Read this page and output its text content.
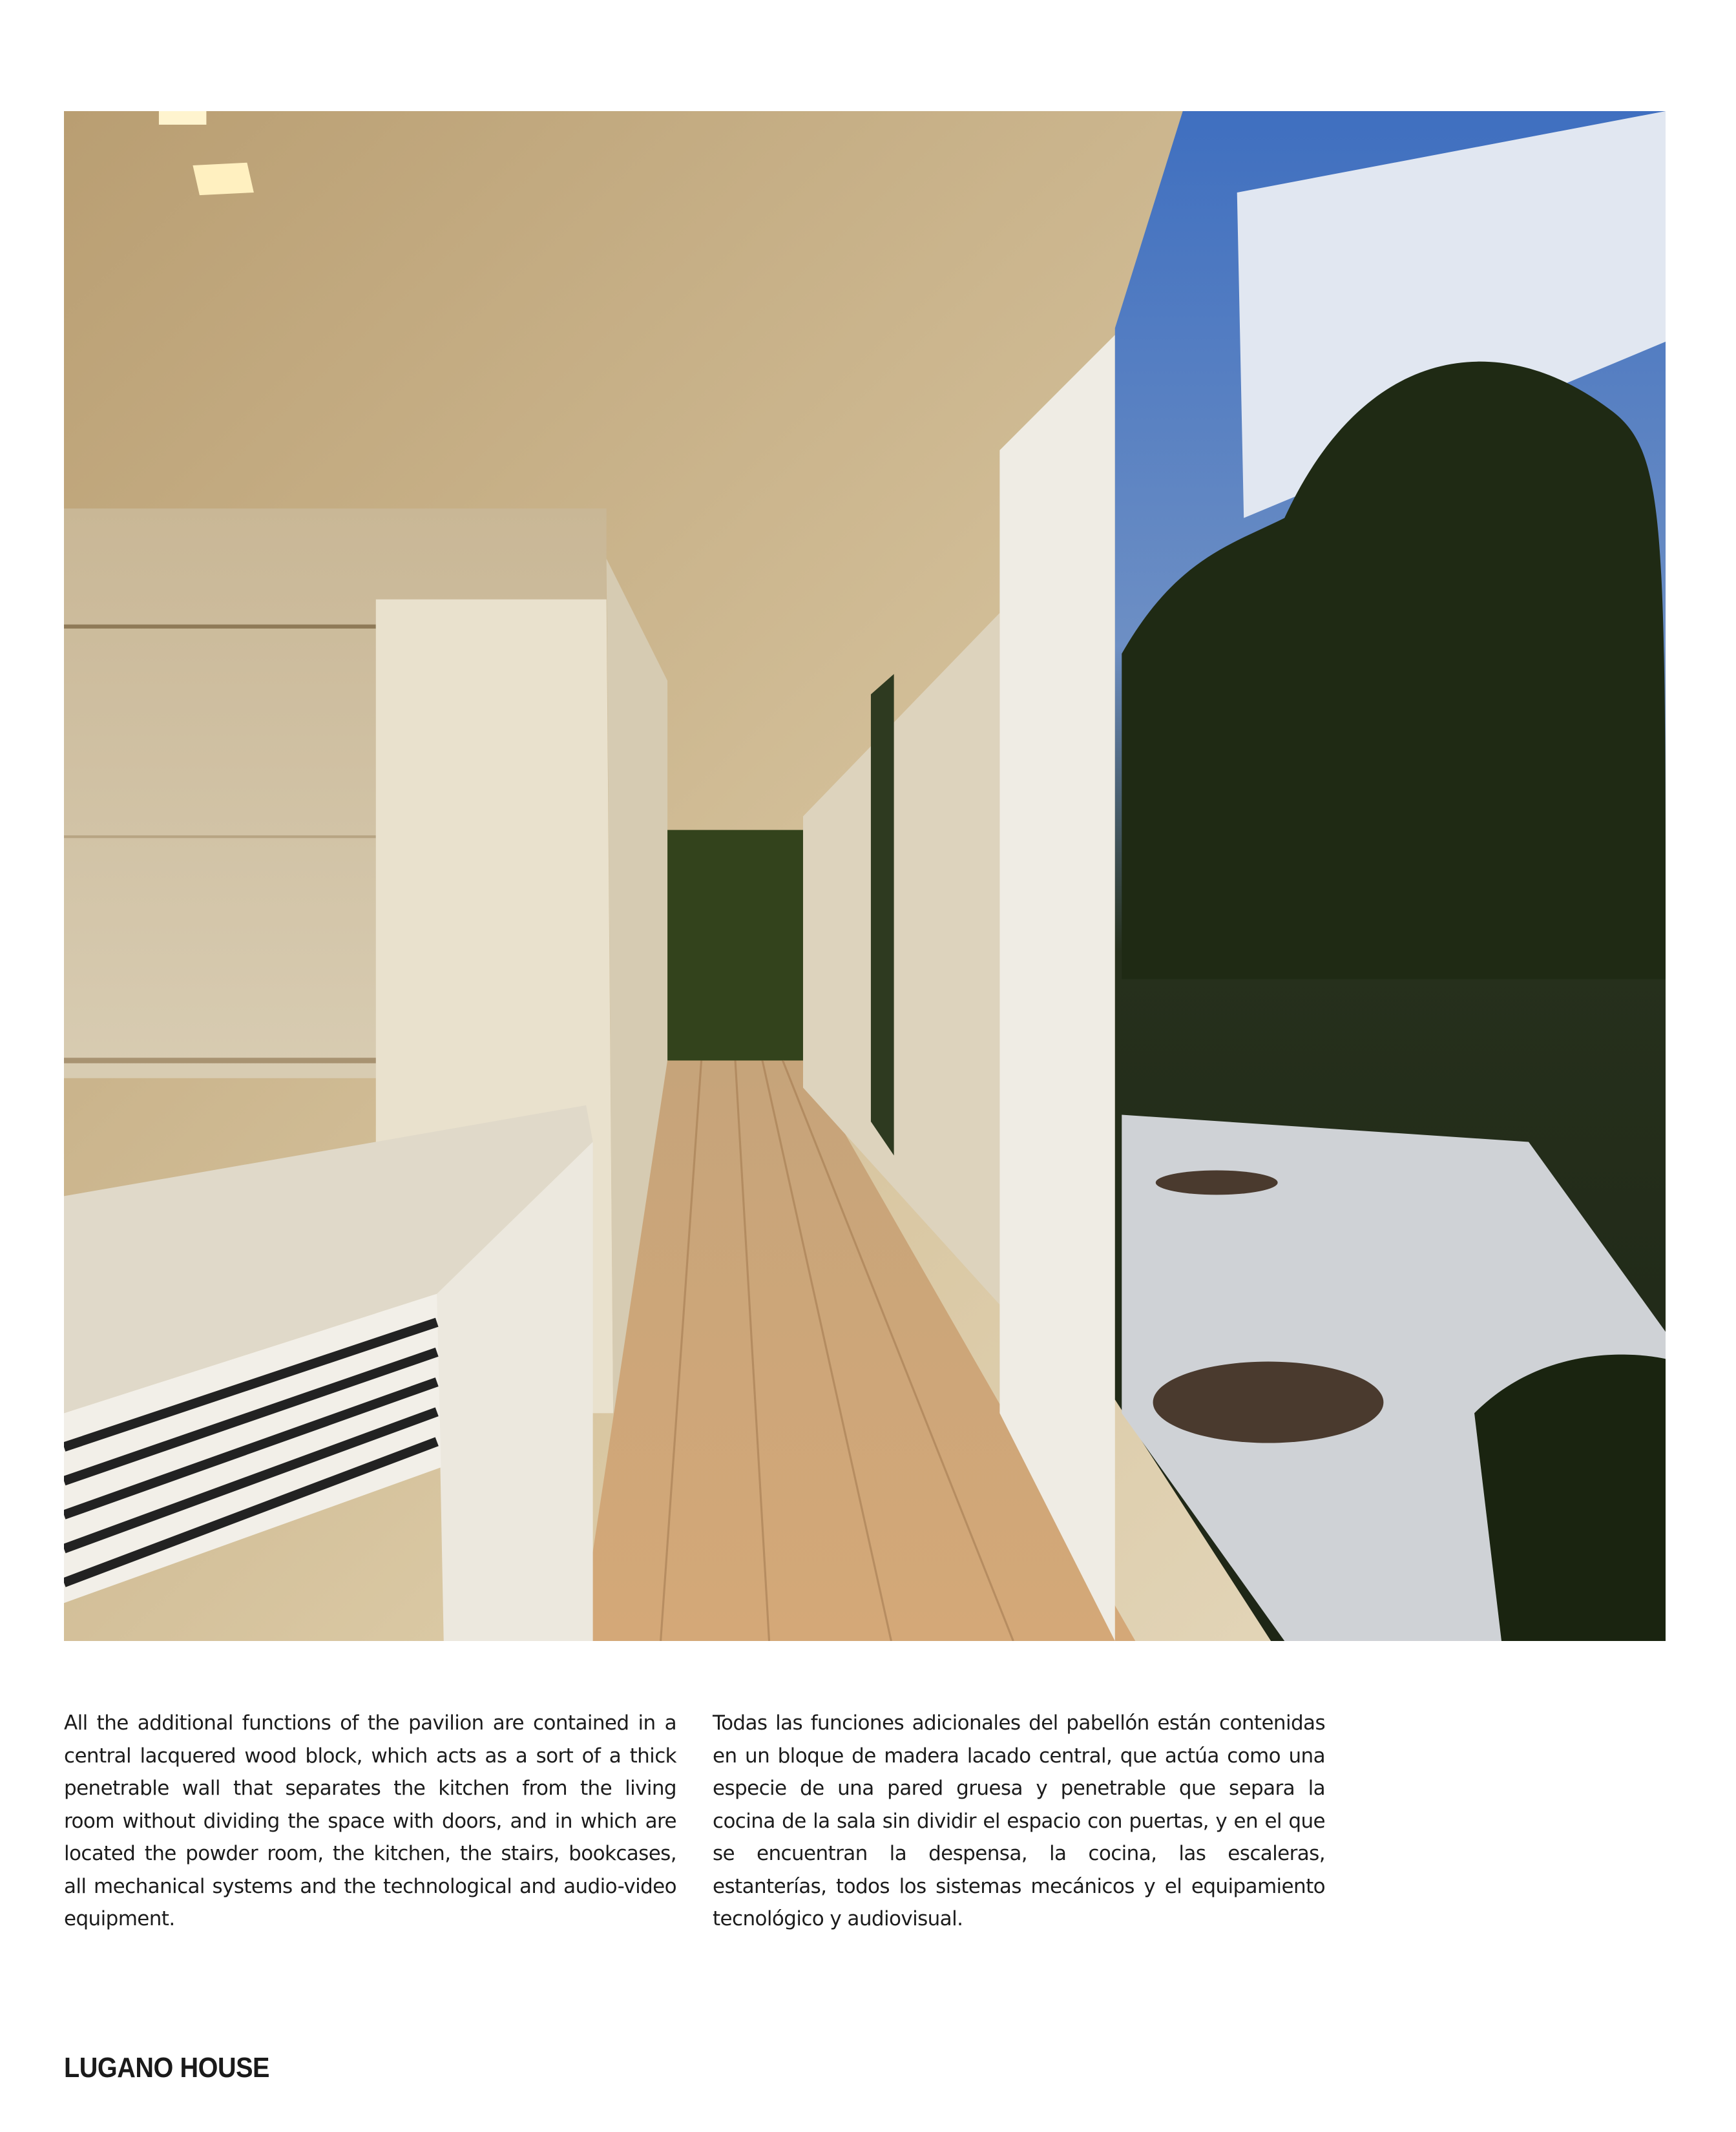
All the additional functions of the pavilion are contained in a central lacquered wood block, which acts as a sort of a thick penetrable wall that separates the kitchen from the living room without dividing the space with doors, and in which are located the powder room, the kitchen, the stairs, bookcases, all mechanical systems and the technological and audio-video equipment.
Todas las funciones adicionales del pabellón están contenidas en un bloque de madera lacado central, que actúa como una especie de una pared gruesa y penetrable que separa la cocina de la sala sin dividir el espacio con puertas, y en el que se encuentran la despensa, la cocina, las escaleras, estanterías, todos los sistemas mecánicos y el equipamiento tecnológico y audiovisual.
LUGANO HOUSE
